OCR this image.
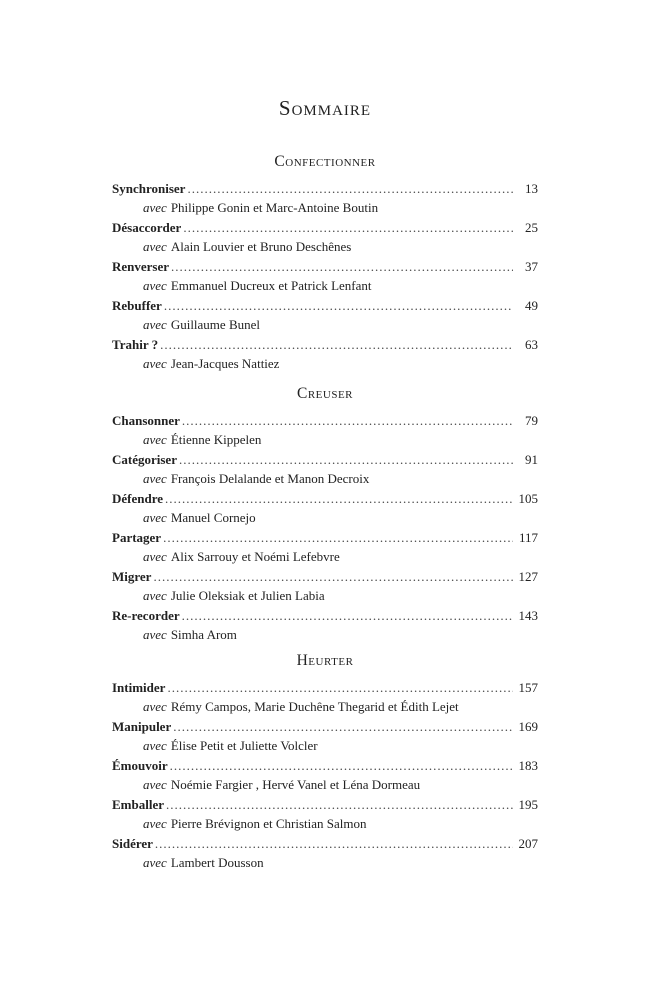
Sommaire
Confectionner
Synchroniser .....	13
avec Philippe Gonin et Marc-Antoine Boutin
Désaccorder .....	25
avec Alain Louvier et Bruno Deschênes
Renverser .....	37
avec Emmanuel Ducreux et Patrick Lenfant
Rebuffer .....	49
avec Guillaume Bunel
Trahir ? .....	63
avec Jean-Jacques Nattiez
Creuser
Chansonner .....	79
avec Étienne Kippelen
Catégoriser .....	91
avec François Delalande et Manon Decroix
Défendre .....	105
avec Manuel Cornejo
Partager .....	117
avec Alix Sarrouy et Noémi Lefebvre
Migrer .....	127
avec Julie Oleksiak et Julien Labia
Re-recorder .....	143
avec Simha Arom
Heurter
Intimider .....	157
avec Rémy Campos, Marie Duchêne Thegarid et Édith Lejet
Manipuler .....	169
avec Élise Petit et Juliette Volcler
Émouvoir .....	183
avec Noémie Fargier , Hervé Vanel et Léna Dormeau
Emballer .....	195
avec Pierre Brévignon et Christian Salmon
Sidérer .....	207
avec Lambert Dousson
